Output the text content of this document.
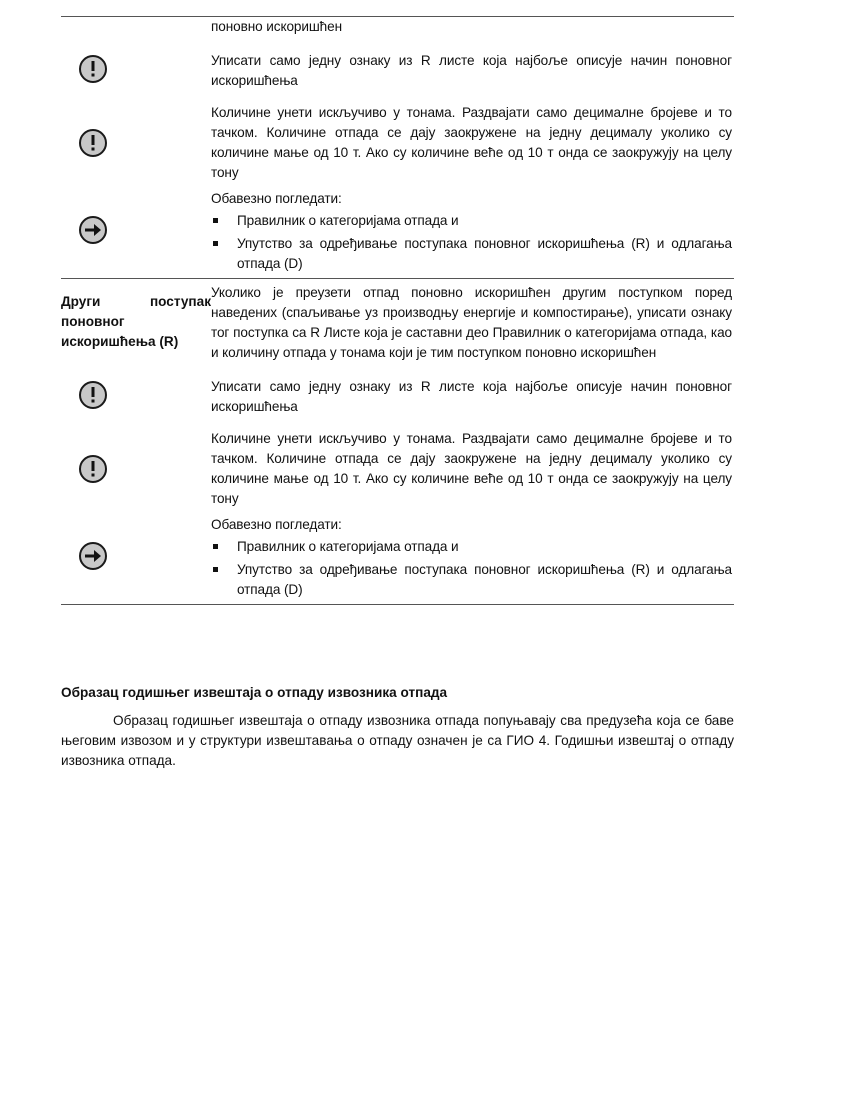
поновно искоришћен
Уписати само једну ознаку из R листе која најбоље описује начин поновног искоришћења
Количине унети искључиво у тонама. Раздвајати само децималне бројеве и то тачком. Количине отпада се дају заокружене на једну децималу уколико су количине мање од 10 т. Ако су количине веће од 10 т онда се заокружују на целу тону
Обавезно погледати:
Правилник о категоријама отпада и
Упутство за одређивање поступака поновног искоришћења (R) и одлагања отпада (D)
Други	поступак
поновног
искоришћења (R)
Уколико је преузети отпад поновно искоришћен другим поступком поред наведених (спаљивање уз производњу енергије и компостирање), уписати ознаку тог поступка са R Листе која је саставни део Правилник о категоријама отпада, као и количину отпада у тонама који је тим поступком поновно искоришћен
Уписати само једну ознаку из R листе која најбоље описује начин поновног искоришћења
Количине унети искључиво у тонама. Раздвајати само децималне бројеве и то тачком. Количине отпада се дају заокружене на једну децималу уколико су количине мање од 10 т. Ако су количине веће од 10 т онда се заокружују на целу тону
Обавезно погледати:
Правилник о категоријама отпада и
Упутство за одређивање поступака поновног искоришћења (R) и одлагања отпада (D)
Образац годишњег извештаја о отпаду извозника отпада

Образац годишњег извештаја о отпаду извозника отпада попуњавају сва предузећа која се баве његовим извозом и у структури извештавања о отпаду означен је са ГИО 4. Годишњи извештај о отпаду извозника отпада.
